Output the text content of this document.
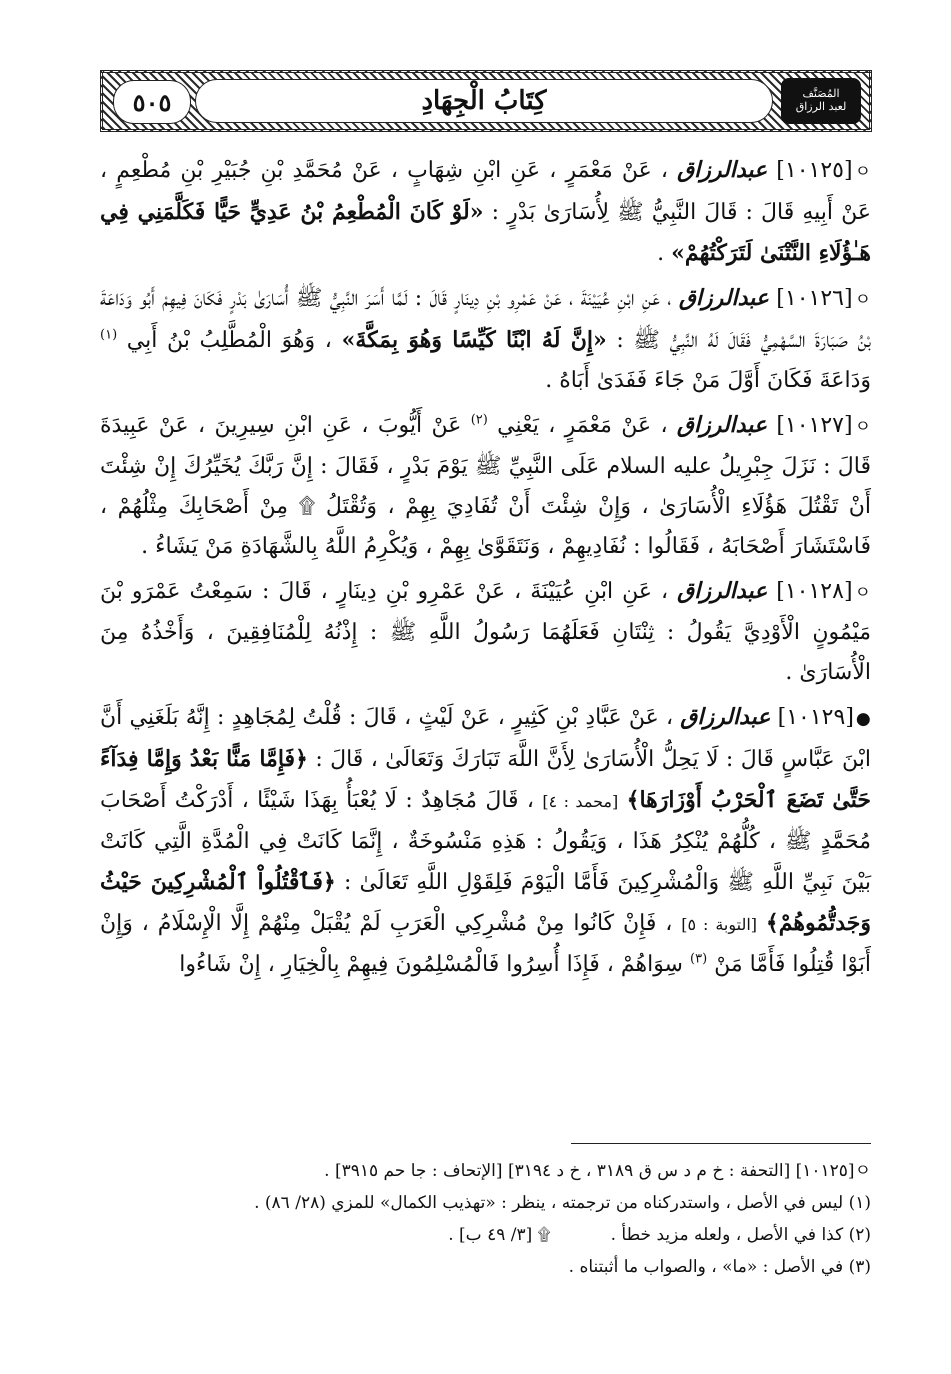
المُصَنَّف
لعبد الرزاق
كِتَابُ الْجِهَادِ
٥٠٥

ㅇ[١٠١٢٥] عبدالرزاق ، عَنْ مَعْمَرٍ ، عَنِ ابْنِ شِهَابٍ ، عَنْ مُحَمَّدِ بْنِ جُبَيْرِ بْنِ مُطْعِمٍ ، عَنْ أَبِيهِ قَالَ : قَالَ النَّبِيُّ ﷺ لِأُسَارَىٰ بَدْرٍ : «لَوْ كَانَ الْمُطْعِمُ بْنُ عَدِيٍّ حَيًّا فَكَلَّمَنِي فِي هَـٰؤُلَاءِ النَّتْنَىٰ لَتَرَكْتُهُمْ» .

ㅇ[١٠١٢٦] عبدالرزاق ، عَنِ ابْنِ عُيَيْنَةَ ، عَنْ عَمْرِو بْنِ دِينَارٍ قَالَ : لَمَّا أَسَرَ النَّبِيُّ ﷺ أُسَارَىٰ بَدْرٍ فَكَانَ فِيهِمْ أَبُو وَدَاعَةَ بْنُ صَبَارَةَ السَّهْمِيُّ فَقَالَ لَهُ النَّبِيُّ ﷺ : «إِنَّ لَهُ ابْنًا كَيِّسًا وَهُوَ بِمَكَّةَ» ، وَهُوَ الْمُطَّلِبُ بْنُ أَبِي $^{(١)}$ وَدَاعَةَ فَكَانَ أَوَّلَ مَنْ جَاءَ فَفَدَىٰ أَبَاهُ .

ㅇ[١٠١٢٧] عبدالرزاق ، عَنْ مَعْمَرٍ ، يَعْنِي $^{(٢)}$ عَنْ أَيُّوبَ ، عَنِ ابْنِ سِيرِينَ ، عَنْ عَبِيدَةَ قَالَ : نَزَلَ جِبْرِيلُ عليه السلام عَلَى النَّبِيِّ ﷺ يَوْمَ بَدْرٍ ، فَقَالَ : إِنَّ رَبَّكَ يُخَيِّرُكَ إِنْ شِئْتَ أَنْ تَقْتُلَ هَؤُلَاءِ الْأُسَارَىٰ ، وَإِنْ شِئْتَ أَنْ تُفَادِيَ بِهِمْ ، وَتُقْتَلُ ۩ مِنْ أَصْحَابِكَ مِثْلُهُمْ ، فَاسْتَشَارَ أَصْحَابَهُ ، فَقَالُوا : نُفَادِيهِمْ ، وَنَتَقَوَّىٰ بِهِمْ ، وَيُكْرِمُ اللَّهُ بِالشَّهَادَةِ مَنْ يَشَاءُ .

ㅇ[١٠١٢٨] عبدالرزاق ، عَنِ ابْنِ عُيَيْنَةَ ، عَنْ عَمْرِو بْنِ دِينَارٍ ، قَالَ : سَمِعْتُ عَمْرَو بْنَ مَيْمُونٍ الْأَوْدِيَّ يَقُولُ : ثِنْتَانِ فَعَلَهُمَا رَسُولُ اللَّهِ ﷺ : إِذْنُهُ لِلْمُنَافِقِينَ ، وَأَخْذُهُ مِنَ الْأُسَارَىٰ .

●[١٠١٢٩] عبدالرزاق ، عَنْ عَبَّادِ بْنِ كَثِيرٍ ، عَنْ لَيْثٍ ، قَالَ : قُلْتُ لِمُجَاهِدٍ : إِنَّهُ بَلَغَنِي أَنَّ ابْنَ عَبَّاسٍ قَالَ : لَا يَحِلُّ الْأُسَارَىٰ لِأَنَّ اللَّهَ تَبَارَكَ وَتَعَالَىٰ ، قَالَ : ﴿فَإِمَّا مَنًّا بَعْدُ وَإِمَّا فِدَآءً حَتَّىٰ تَضَعَ ٱلْحَرْبُ أَوْزَارَهَا﴾ [محمد : ٤] ، قَالَ مُجَاهِدٌ : لَا يُعْبَأُ بِهَذَا شَيْئًا ، أَدْرَكْتُ أَصْحَابَ مُحَمَّدٍ ﷺ ، كُلُّهُمْ يُنْكِرُ هَذَا ، وَيَقُولُ : هَذِهِ مَنْسُوخَةٌ ، إِنَّمَا كَانَتْ فِي الْمُدَّةِ الَّتِي كَانَتْ بَيْنَ نَبِيِّ اللَّهِ ﷺ وَالْمُشْرِكِينَ فَأَمَّا الْيَوْمَ فَلِقَوْلِ اللَّهِ تَعَالَىٰ : ﴿فَٱقْتُلُواْ ٱلْمُشْرِكِينَ حَيْثُ وَجَدتُّمُوهُمْ﴾ [التوبة : ٥] ، فَإِنْ كَانُوا مِنْ مُشْرِكِي الْعَرَبِ لَمْ يُقْبَلْ مِنْهُمْ إِلَّا الْإِسْلَامُ ، وَإِنْ أَبَوْا قُتِلُوا فَأَمَّا مَنْ $^{(٣)}$ سِوَاهُمْ ، فَإِذَا أُسِرُوا فَالْمُسْلِمُونَ فِيهِمْ بِالْخِيَارِ ، إِنْ شَاءُوا

ㅇ[١٠١٢٥] [التحفة : خ م د س ق ٣١٨٩ ، خ د ٣١٩٤] [الإتحاف : جا حم ٣٩١٥] .

(١) ليس في الأصل ، واستدركناه من ترجمته ، ينظر : «تهذيب الكمال» للمزي (٢٨/ ٨٦) .

(٢) كذا في الأصل ، ولعله مزيد خطأ .۩ [٣/ ٤٩ ب] .

(٣) في الأصل : «ما» ، والصواب ما أثبتناه .
